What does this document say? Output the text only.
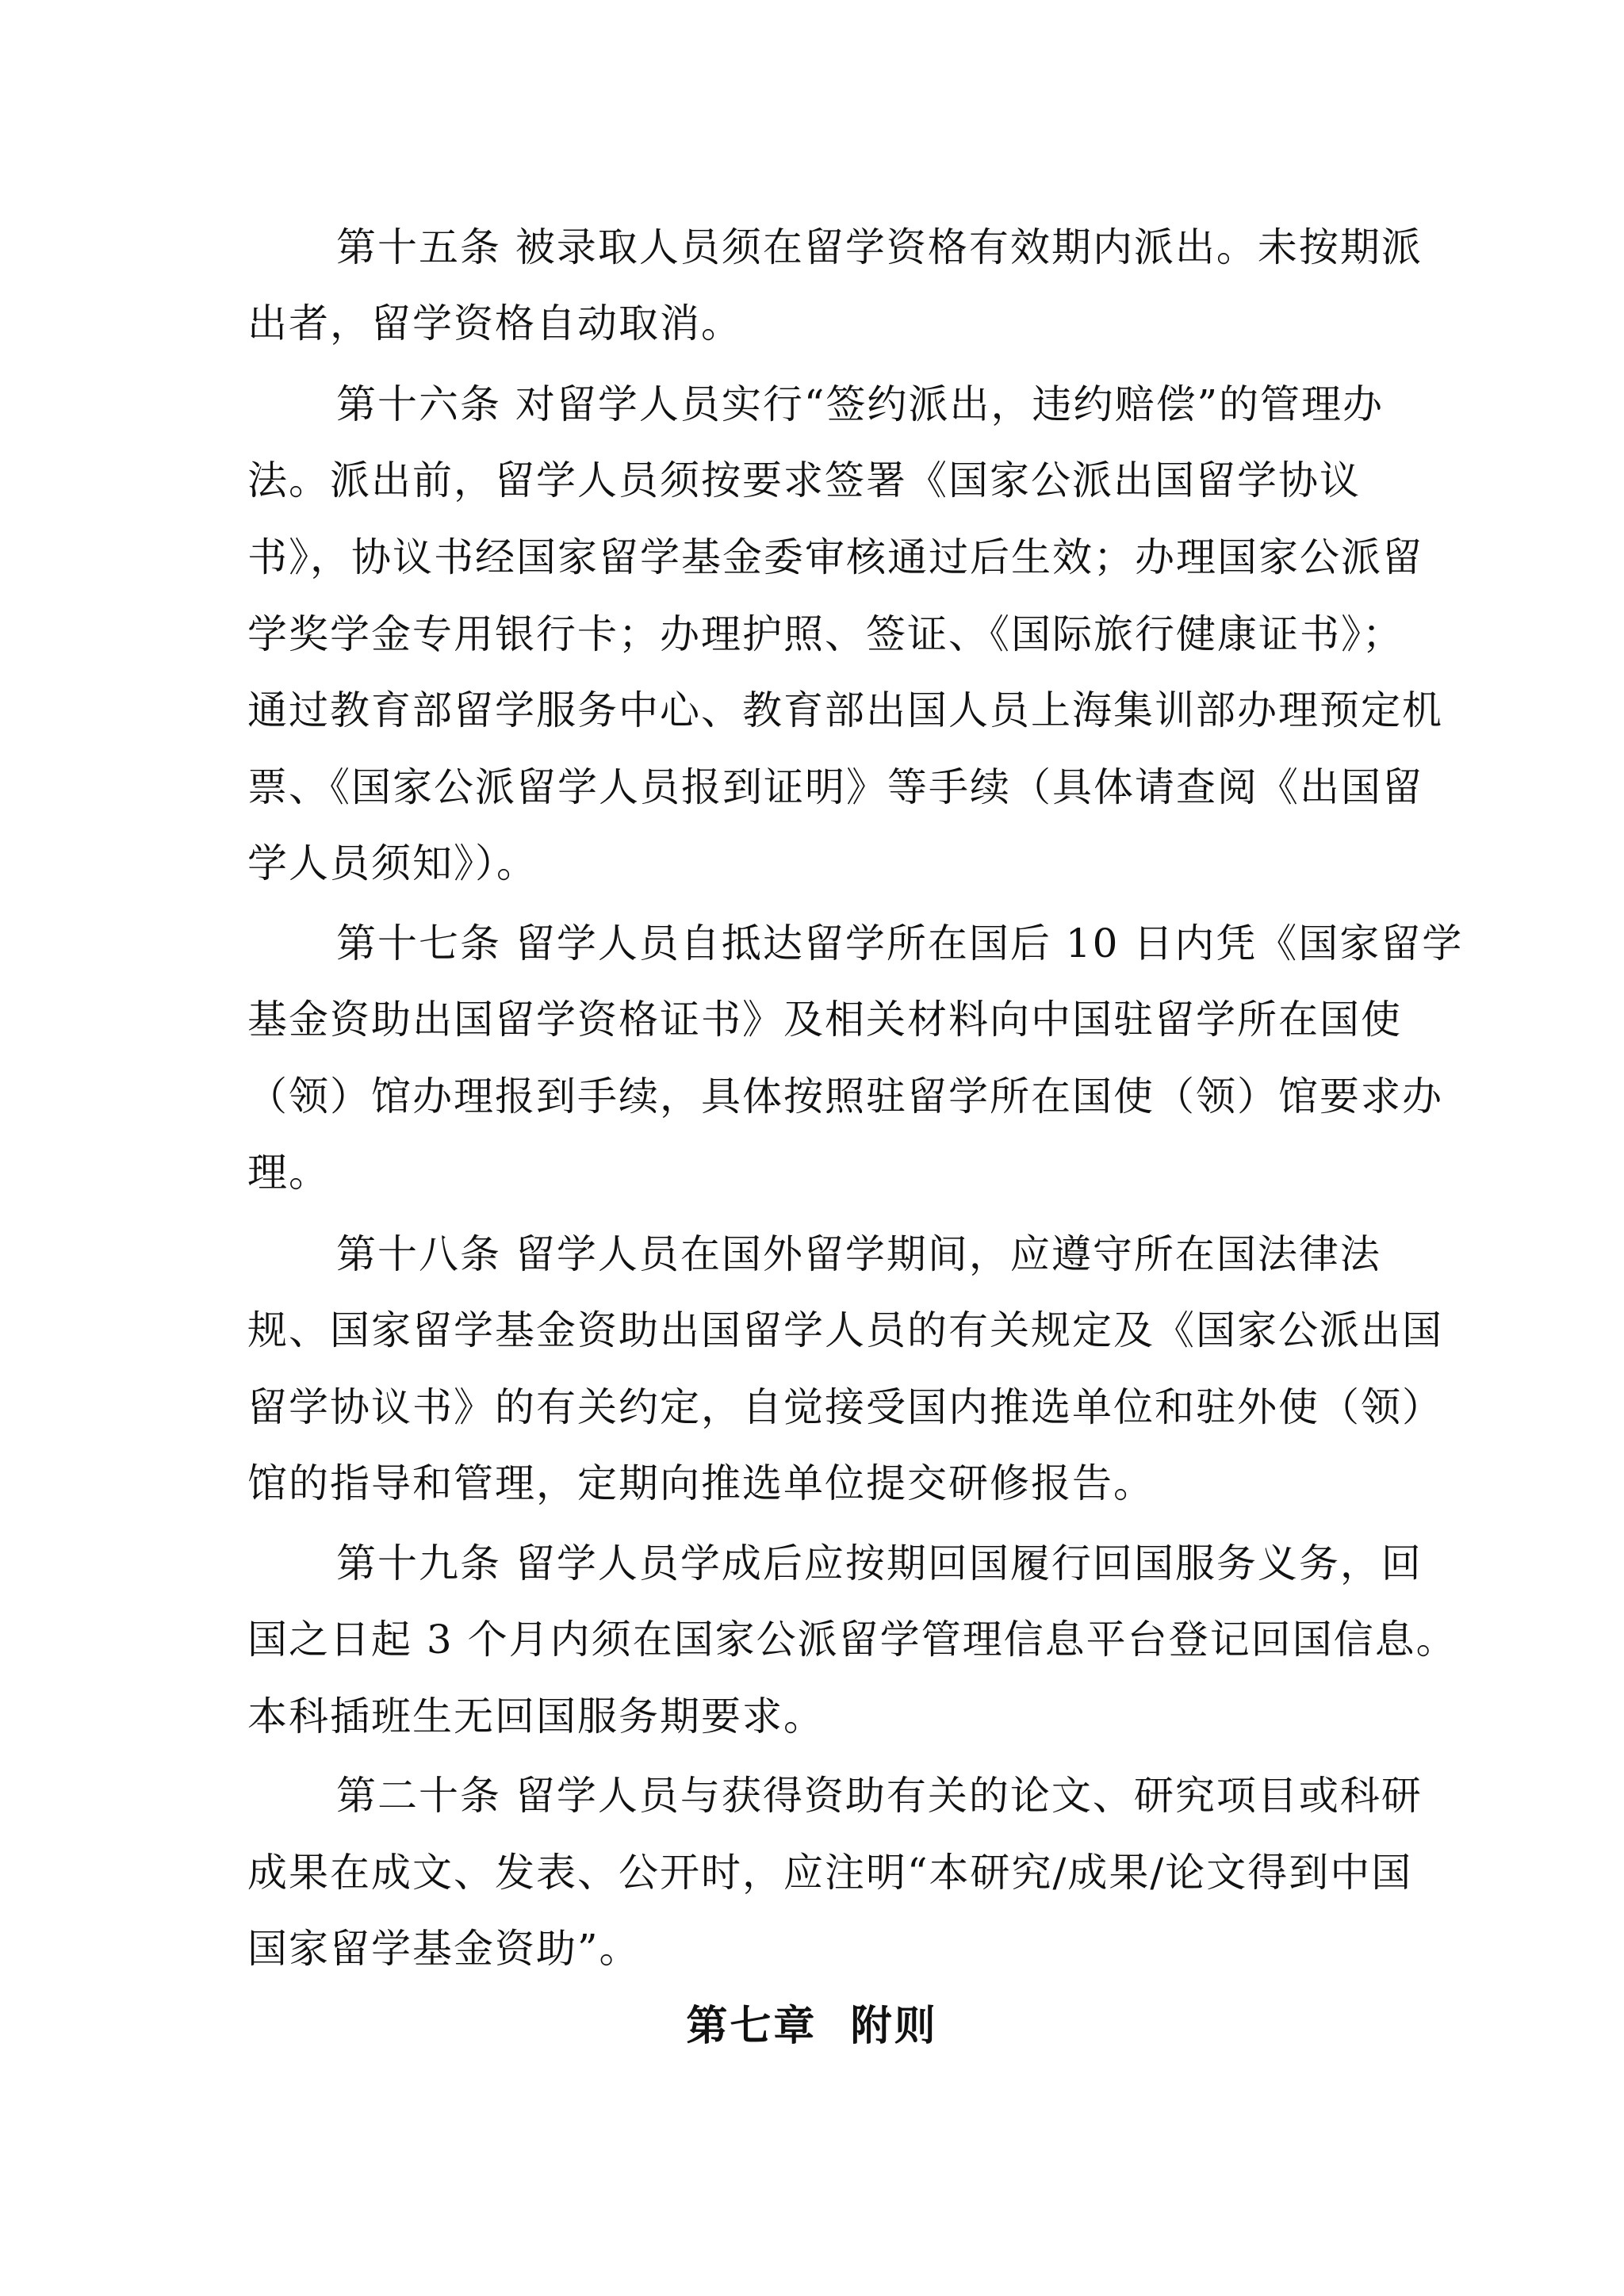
第十五条 被录取人员须在留学资格有效期内派出。未按期派
出者，留学资格自动取消。
第十六条 对留学人员实行“签约派出，违约赔偿”的管理办
法。派出前，留学人员须按要求签署《国家公派出国留学协议
书》，协议书经国家留学基金委审核通过后生效；办理国家公派留
学奖学金专用银行卡；办理护照、签证、《国际旅行健康证书》；
通过教育部留学服务中心、教育部出国人员上海集训部办理预定机
票、《国家公派留学人员报到证明》等手续（具体请查阅《出国留
学人员须知》）。
第十七条 留学人员自抵达留学所在国后 10 日内凭《国家留学
基金资助出国留学资格证书》及相关材料向中国驻留学所在国使
（领）馆办理报到手续，具体按照驻留学所在国使（领）馆要求办
理。
第十八条 留学人员在国外留学期间，应遵守所在国法律法
规、国家留学基金资助出国留学人员的有关规定及《国家公派出国
留学协议书》的有关约定，自觉接受国内推选单位和驻外使（领）
馆的指导和管理，定期向推选单位提交研修报告。
第十九条 留学人员学成后应按期回国履行回国服务义务，回
国之日起 3 个月内须在国家公派留学管理信息平台登记回国信息。
本科插班生无回国服务期要求。
第二十条 留学人员与获得资助有关的论文、研究项目或科研
成果在成文、发表、公开时，应注明“本研究/成果/论文得到中国
国家留学基金资助”。
第七章  附则
